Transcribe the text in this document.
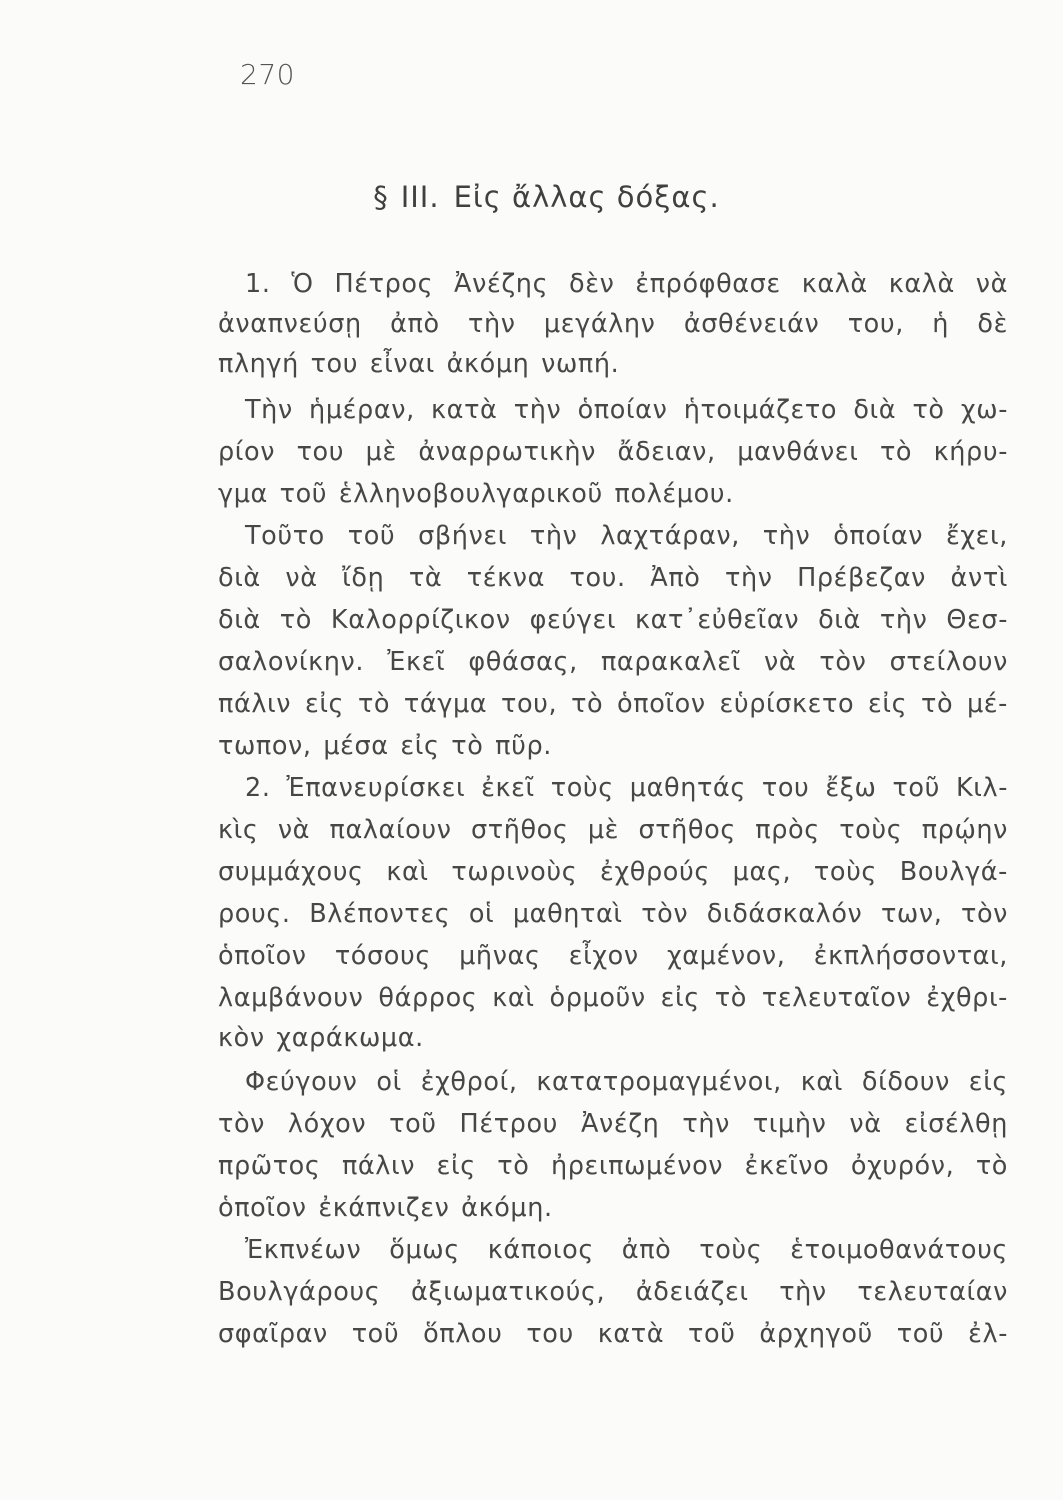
270
§ III. Εἰς ἄλλας δόξας.
1. Ὁ Πέτρος Ἀνέζης δὲν ἐπρόφθασε καλὰ καλὰ νὰ
ἀναπνεύσῃ ἀπὸ τὴν μεγάλην ἀσθένειάν του, ἡ δὲ
πληγή του εἶναι ἀκόμη νωπή.
Τὴν ἡμέραν, κατὰ τὴν ὁποίαν ἡτοιμάζετο διὰ τὸ χω-
ρίον του μὲ ἀναρρωτικὴν ἄδειαν, μανθάνει τὸ κήρυ-
γμα τοῦ ἑλληνοβουλγαρικοῦ πολέμου.
Τοῦτο τοῦ σβήνει τὴν λαχτάραν, τὴν ὁποίαν ἔχει,
διὰ νὰ ἴδῃ τὰ τέκνα του. Ἀπὸ τὴν Πρέβεζαν ἀντὶ
διὰ τὸ Καλορρίζικον φεύγει κατ᾽εὐθεῖαν διὰ τὴν Θεσ-
σαλονίκην. Ἐκεῖ φθάσας, παρακαλεῖ νὰ τὸν στείλουν
πάλιν εἰς τὸ τάγμα του, τὸ ὁποῖον εὑρίσκετο εἰς τὸ μέ-
τωπον, μέσα εἰς τὸ πῦρ.
2. Ἐπανευρίσκει ἐκεῖ τοὺς μαθητάς του ἔξω τοῦ Κιλ-
κὶς νὰ παλαίουν στῆθος μὲ στῆθος πρὸς τοὺς πρῴην
συμμάχους καὶ τωρινοὺς ἐχθρούς μας, τοὺς Βουλγά-
ρους. Βλέποντες οἱ μαθηταὶ τὸν διδάσκαλόν των, τὸν
ὁποῖον τόσους μῆνας εἶχον χαμένον, ἐκπλήσσονται,
λαμβάνουν θάρρος καὶ ὁρμοῦν εἰς τὸ τελευταῖον ἐχθρι-
κὸν χαράκωμα.
Φεύγουν οἱ ἐχθροί, κατατρομαγμένοι, καὶ δίδουν εἰς
τὸν λόχον τοῦ Πέτρου Ἀνέζη τὴν τιμὴν νὰ εἰσέλθῃ
πρῶτος πάλιν εἰς τὸ ἠρειπωμένον ἐκεῖνο ὀχυρόν, τὸ
ὁποῖον ἐκάπνιζεν ἀκόμη.
Ἐκπνέων ὅμως κάποιος ἀπὸ τοὺς ἑτοιμοθανάτους
Βουλγάρους ἀξιωματικούς, ἀδειάζει τὴν τελευταίαν
σφαῖραν τοῦ ὅπλου του κατὰ τοῦ ἀρχηγοῦ τοῦ ἐλ-
